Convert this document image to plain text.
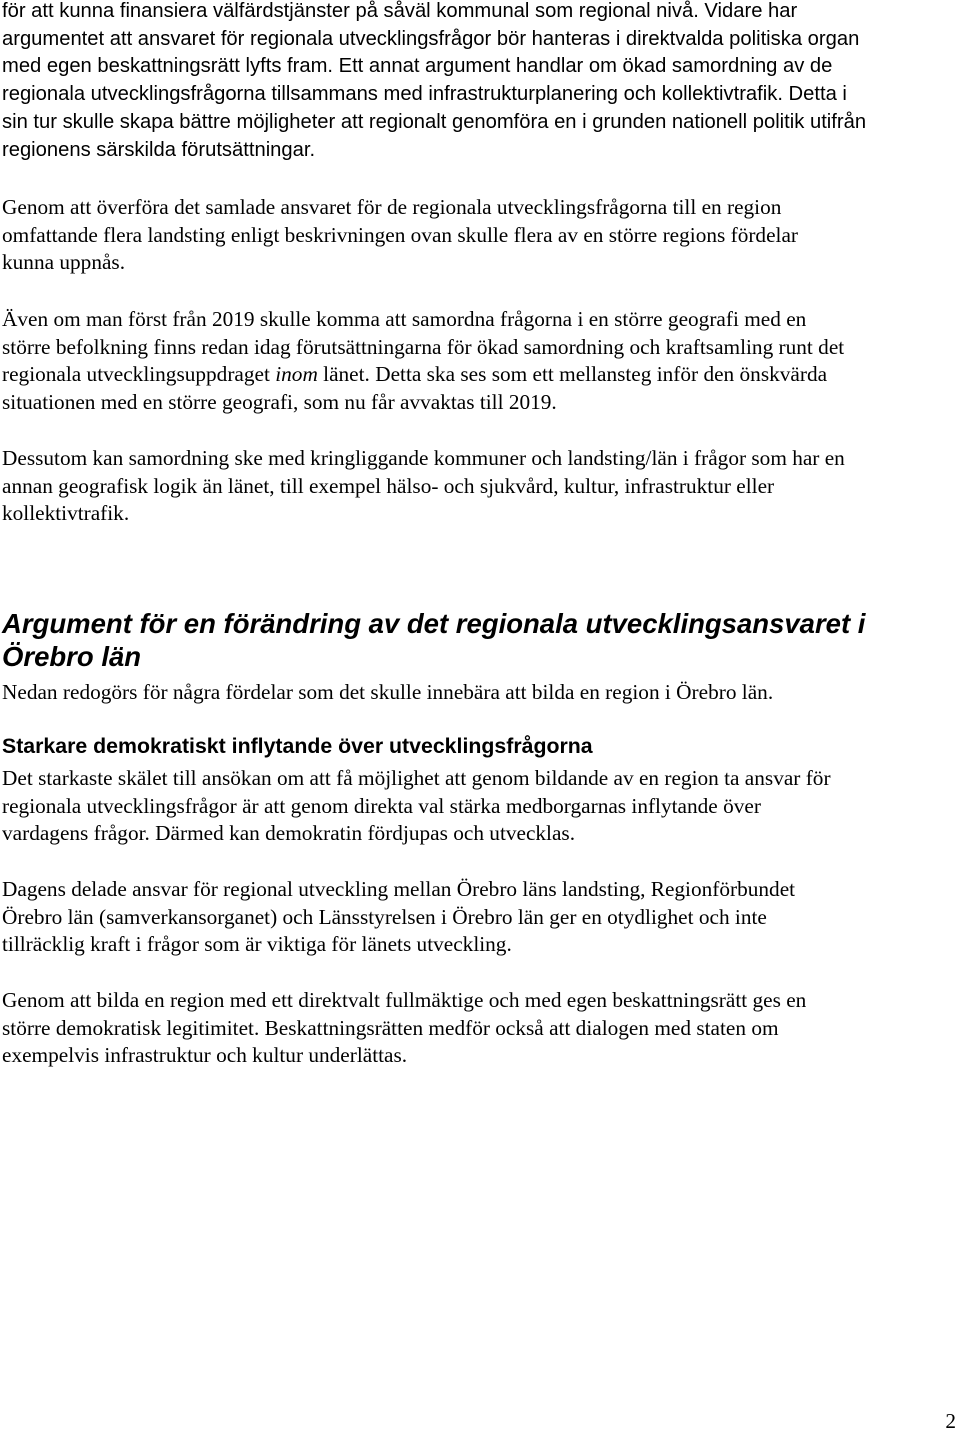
för att kunna finansiera välfärdstjänster på såväl kommunal som regional nivå. Vidare har
argumentet att ansvaret för regionala utvecklingsfrågor bör hanteras i direktvalda politiska organ
med egen beskattningsrätt lyfts fram. Ett annat argument handlar om ökad samordning av de
regionala utvecklingsfrågorna tillsammans med infrastrukturplanering och kollektivtrafik. Detta i
sin tur skulle skapa bättre möjligheter att regionalt genomföra en i grunden nationell politik utifrån
regionens särskilda förutsättningar.

Genom att överföra det samlade ansvaret för de regionala utvecklingsfrågorna till en region
omfattande flera landsting enligt beskrivningen ovan skulle flera av en större regions fördelar
kunna uppnås.

Även om man först från 2019 skulle komma att samordna frågorna i en större geografi med en
större befolkning finns redan idag förutsättningarna för ökad samordning och kraftsamling runt det
regionala utvecklingsuppdraget inom länet. Detta ska ses som ett mellansteg inför den önskvärda
situationen med en större geografi, som nu får avvaktas till 2019.

Dessutom kan samordning ske med kringliggande kommuner och landsting/län i frågor som har en
annan geografisk logik än länet, till exempel hälso- och sjukvård, kultur, infrastruktur eller
kollektivtrafik.

Argument för en förändring av det regionala utvecklingsansvaret i
Örebro län

Nedan redogörs för några fördelar som det skulle innebära att bilda en region i Örebro län.

Starkare demokratiskt inflytande över utvecklingsfrågorna

Det starkaste skälet till ansökan om att få möjlighet att genom bildande av en region ta ansvar för
regionala utvecklingsfrågor är att genom direkta val stärka medborgarnas inflytande över
vardagens frågor. Därmed kan demokratin fördjupas och utvecklas.

Dagens delade ansvar för regional utveckling mellan Örebro läns landsting, Regionförbundet
Örebro län (samverkansorganet) och Länsstyrelsen i Örebro län ger en otydlighet och inte
tillräcklig kraft i frågor som är viktiga för länets utveckling.

Genom att bilda en region med ett direktvalt fullmäktige och med egen beskattningsrätt ges en
större demokratisk legitimitet. Beskattningsrätten medför också att dialogen med staten om
exempelvis infrastruktur och kultur underlättas.

2
